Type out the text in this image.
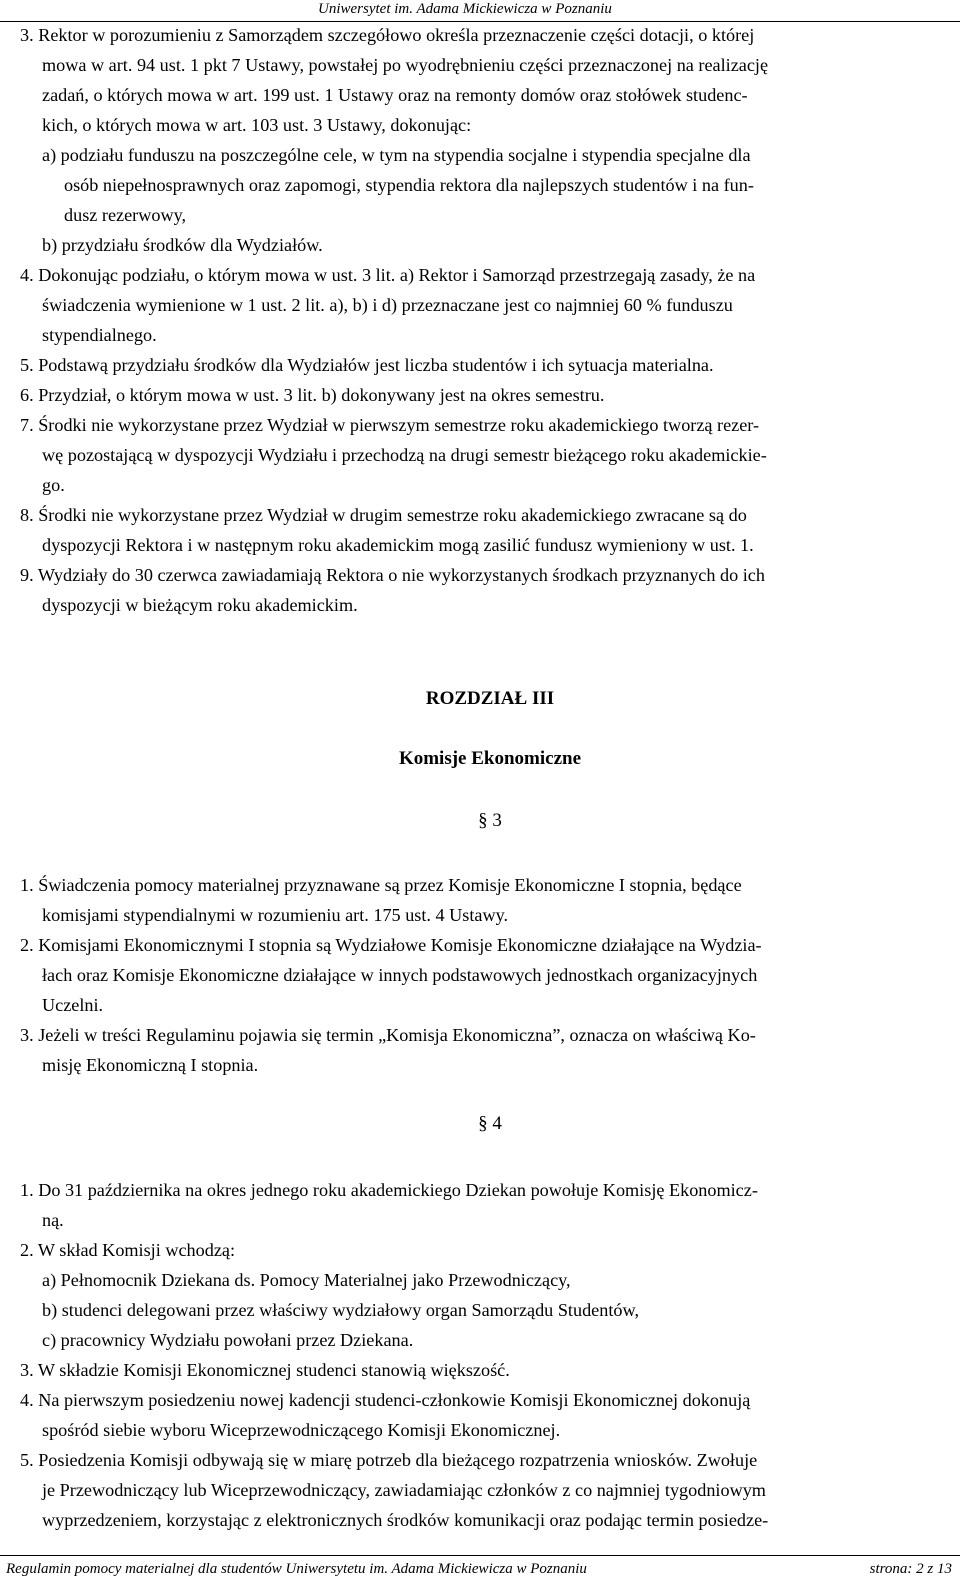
Uniwersytet im. Adama Mickiewicza w Poznaniu

3. Rektor w porozumieniu z Samorządem szczegółowo określa przeznaczenie części dotacji, o której

mowa w art. 94 ust. 1 pkt 7 Ustawy, powstałej po wyodrębnieniu części przeznaczonej na realizację

zadań, o których mowa w art. 199 ust. 1 Ustawy oraz na remonty domów oraz stołówek studenc-

kich, o których mowa w art. 103 ust. 3 Ustawy, dokonując:

a) podziału funduszu na poszczególne cele, w tym na stypendia socjalne i stypendia specjalne dla

osób niepełnosprawnych oraz zapomogi, stypendia rektora dla najlepszych studentów i na fun-

dusz rezerwowy,

b) przydziału środków dla Wydziałów.

4. Dokonując podziału, o którym mowa w ust. 3 lit. a) Rektor i Samorząd przestrzegają zasady, że na

świadczenia wymienione w 1 ust. 2 lit. a), b) i d) przeznaczane jest co najmniej 60 % funduszu

stypendialnego.

5. Podstawą przydziału środków dla Wydziałów jest liczba studentów i ich sytuacja materialna.

6. Przydział, o którym mowa w ust. 3 lit. b) dokonywany jest na okres semestru.

7. Środki nie wykorzystane przez Wydział w pierwszym semestrze roku akademickiego tworzą rezer-

wę pozostającą w dyspozycji Wydziału i przechodzą na drugi semestr bieżącego roku akademickie-

go.

8. Środki nie wykorzystane przez Wydział w drugim semestrze roku akademickiego zwracane są do

dyspozycji Rektora i w następnym roku akademickim mogą zasilić fundusz wymieniony w ust. 1.

9. Wydziały do 30 czerwca zawiadamiają Rektora o nie wykorzystanych środkach przyznanych do ich

dyspozycji w bieżącym roku akademickim.

ROZDZIAŁ III
Komisje Ekonomiczne
§ 3

1. Świadczenia pomocy materialnej przyznawane są przez Komisje Ekonomiczne I stopnia, będące

komisjami stypendialnymi w rozumieniu art. 175 ust. 4 Ustawy.

2. Komisjami Ekonomicznymi I stopnia są Wydziałowe Komisje Ekonomiczne działające na Wydzia-

łach oraz Komisje Ekonomiczne działające w innych podstawowych jednostkach organizacyjnych

Uczelni.

3. Jeżeli w treści Regulaminu pojawia się termin „Komisja Ekonomiczna”, oznacza on właściwą Ko-

misję Ekonomiczną I stopnia.

§ 4

1. Do 31 października na okres jednego roku akademickiego Dziekan powołuje Komisję Ekonomicz-

ną.

2. W skład Komisji wchodzą:

a) Pełnomocnik Dziekana ds. Pomocy Materialnej jako Przewodniczący,

b) studenci delegowani przez właściwy wydziałowy organ Samorządu Studentów,

c) pracownicy Wydziału powołani przez Dziekana.

3. W składzie Komisji Ekonomicznej studenci stanowią większość.

4. Na pierwszym posiedzeniu nowej kadencji studenci-członkowie Komisji Ekonomicznej dokonują

spośród siebie wyboru Wiceprzewodniczącego Komisji Ekonomicznej.

5. Posiedzenia Komisji odbywają się w miarę potrzeb dla bieżącego rozpatrzenia wniosków. Zwołuje

je Przewodniczący lub Wiceprzewodniczący, zawiadamiając członków z co najmniej tygodniowym

wyprzedzeniem, korzystając z elektronicznych środków komunikacji oraz podając termin posiedze-

Regulamin pomocy materialnej dla studentów Uniwersytetu im. Adama Mickiewicza w Poznaniu	strona: 2 z 13
